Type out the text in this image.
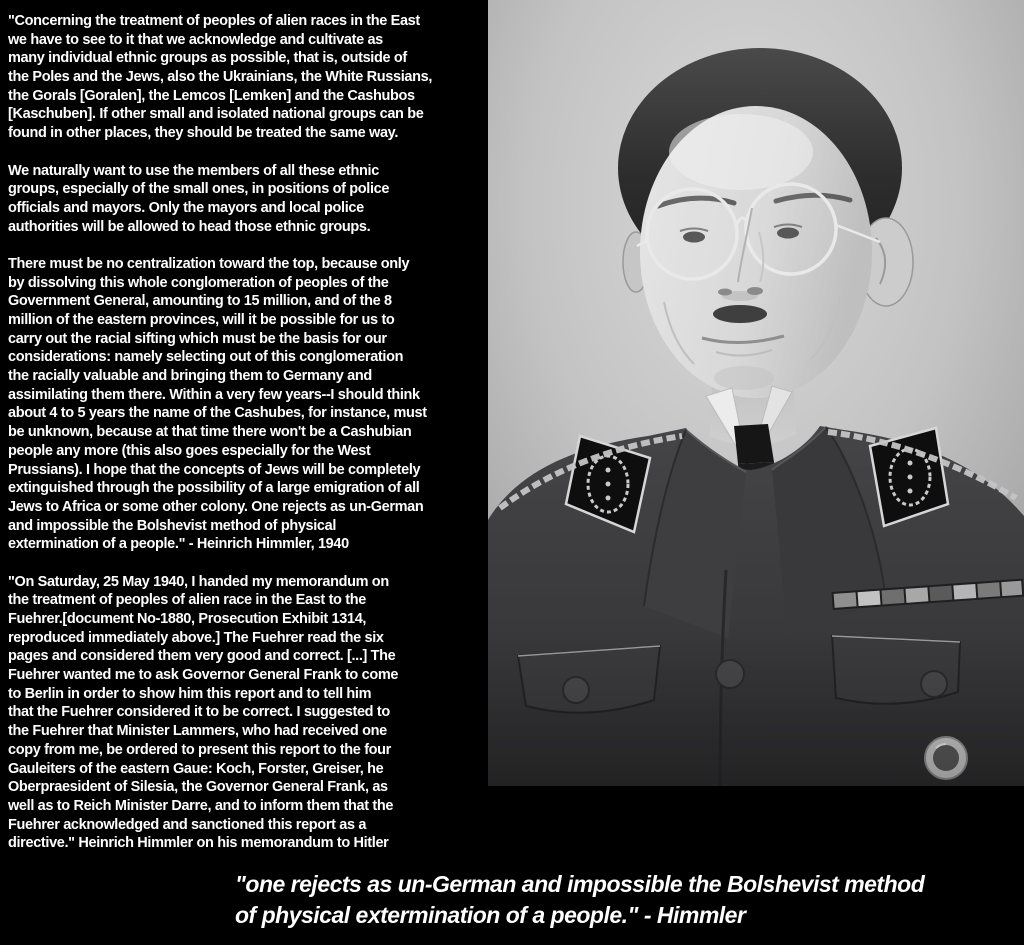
"Concerning the treatment of peoples of alien races in the East
we have to see to it that we acknowledge and cultivate as
many individual ethnic groups as possible, that is, outside of
the Poles and the Jews, also the Ukrainians, the White Russians,
the Gorals [Goralen], the Lemcos [Lemken] and the Cashubos
[Kaschuben]. If other small and isolated national groups can be
found in other places, they should be treated the same way.
We naturally want to use the members of all these ethnic
groups, especially of the small ones, in positions of police
officials and mayors. Only the mayors and local police
authorities will be allowed to head those ethnic groups.
There must be no centralization toward the top, because only
by dissolving this whole conglomeration of peoples of the
Government General, amounting to 15 million, and of the 8
million of the eastern provinces, will it be possible for us to
carry out the racial sifting which must be the basis for our
considerations: namely selecting out of this conglomeration
the racially valuable and bringing them to Germany and
assimilating them there. Within a very few years--I should think
about 4 to 5 years the name of the Cashubes, for instance, must
be unknown, because at that time there won't be a Cashubian
people any more (this also goes especially for the West
Prussians). I hope that the concepts of Jews will be completely
extinguished through the possibility of a large emigration of all
Jews to Africa or some other colony. One rejects as un-German
and impossible the Bolshevist method of physical
extermination of a people." - Heinrich Himmler, 1940
"On Saturday, 25 May 1940, I handed my memorandum on
the treatment of peoples of alien race in the East to the
Fuehrer.[document No-1880, Prosecution Exhibit 1314,
reproduced immediately above.] The Fuehrer read the six
pages and considered them very good and correct. [...] The
Fuehrer wanted me to ask Governor General Frank to come
to Berlin in order to show him this report and to tell him
that the Fuehrer considered it to be correct. I suggested to
the Fuehrer that Minister Lammers, who had received one
copy from me, be ordered to present this report to the four
Gauleiters of the eastern Gaue: Koch, Forster, Greiser, he
Oberpraesident of Silesia, the Governor General Frank, as
well as to Reich Minister Darre, and to inform them that the
Fuehrer acknowledged and sanctioned this report as a
directive." Heinrich Himmler on his memorandum to Hitler
"one rejects as un-German and impossible the Bolshevist method
of physical extermination of a people." - Himmler
